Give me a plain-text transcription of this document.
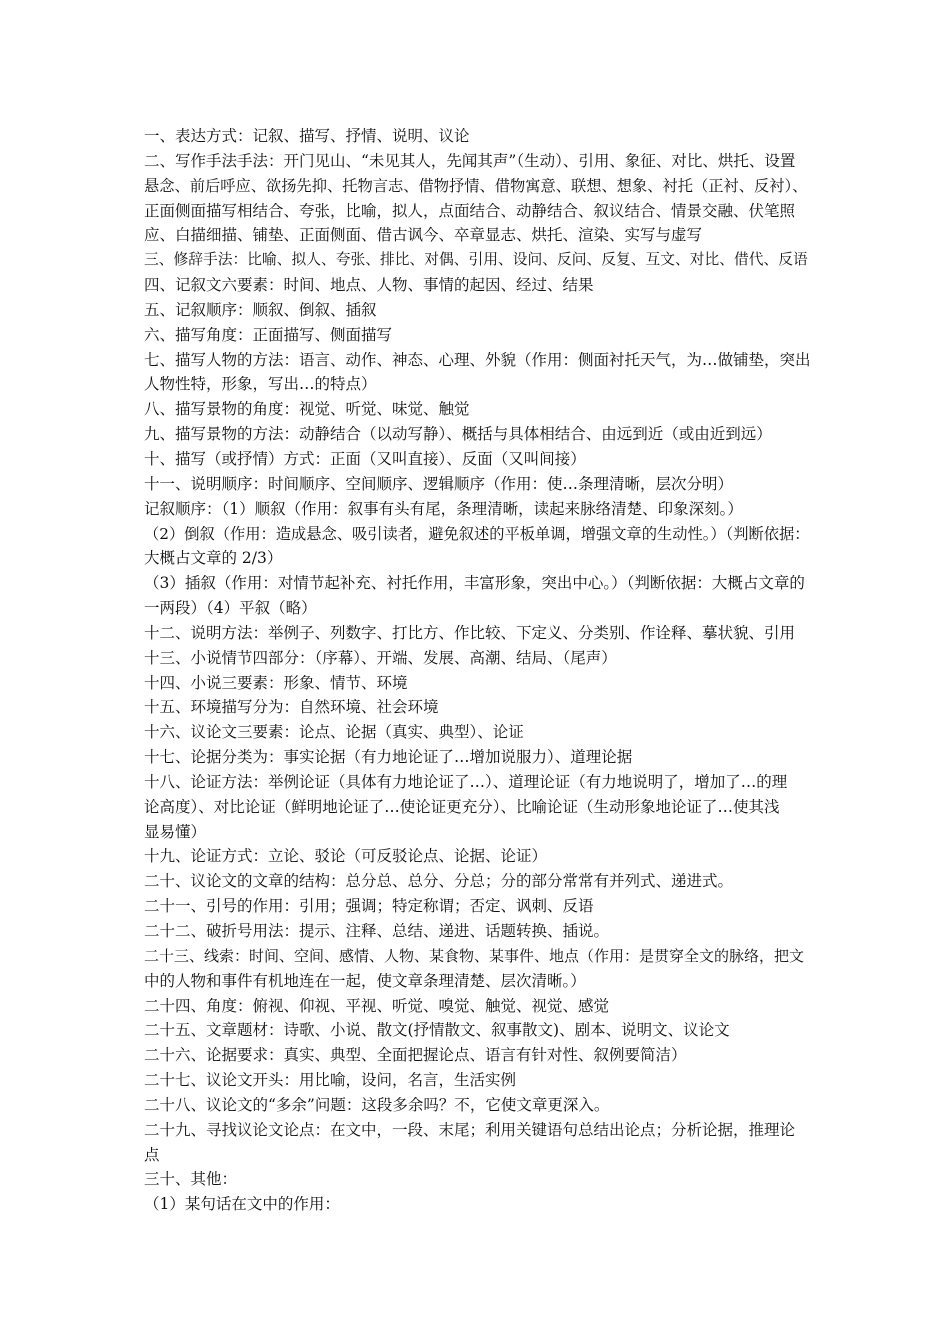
一、表达方式：记叙、描写、抒情、说明、议论
二、写作手法手法：开门见山、“未见其人，先闻其声”（生动）、引用、象征、对比、烘托、设置
悬念、前后呼应、欲扬先抑、托物言志、借物抒情、借物寓意、联想、想象、衬托（正衬、反衬）、
正面侧面描写相结合、夸张，比喻，拟人，点面结合、动静结合、叙议结合、情景交融、伏笔照
应、白描细描、铺垫、正面侧面、借古讽今、卒章显志、烘托、渲染、实写与虚写
三、修辞手法：比喻、拟人、夸张、排比、对偶、引用、设问、反问、反复、互文、对比、借代、反语
四、记叙文六要素：时间、地点、人物、事情的起因、经过、结果
五、记叙顺序：顺叙、倒叙、插叙
六、描写角度：正面描写、侧面描写
七、描写人物的方法：语言、动作、神态、心理、外貌（作用：侧面衬托天气，为…做铺垫，突出
人物性特，形象，写出…的特点）
八、描写景物的角度：视觉、听觉、味觉、触觉
九、描写景物的方法：动静结合（以动写静）、概括与具体相结合、由远到近（或由近到远）
十、描写（或抒情）方式：正面（又叫直接）、反面（又叫间接）
十一、说明顺序：时间顺序、空间顺序、逻辑顺序（作用：使…条理清晰，层次分明）
记叙顺序：（1）顺叙（作用：叙事有头有尾，条理清晰，读起来脉络清楚、印象深刻。）
（2）倒叙（作用：造成悬念、吸引读者，避免叙述的平板单调，增强文章的生动性。）（判断依据：
大概占文章的 2/3）
（3）插叙（作用：对情节起补充、衬托作用，丰富形象，突出中心。）（判断依据：大概占文章的
一两段）（4）平叙（略）
十二、说明方法：举例子、列数字、打比方、作比较、下定义、分类别、作诠释、摹状貌、引用
十三、小说情节四部分：（序幕）、开端、发展、高潮、结局、（尾声）
十四、小说三要素：形象、情节、环境
十五、环境描写分为：自然环境、社会环境
十六、议论文三要素：论点、论据（真实、典型）、论证
十七、论据分类为：事实论据（有力地论证了…增加说服力）、道理论据
十八、论证方法：举例论证（具体有力地论证了…）、道理论证（有力地说明了，增加了…的理
论高度）、对比论证（鲜明地论证了…使论证更充分）、比喻论证（生动形象地论证了…使其浅
显易懂）
十九、论证方式：立论、驳论（可反驳论点、论据、论证）
二十、议论文的文章的结构：总分总、总分、分总；分的部分常常有并列式、递进式。
二十一、引号的作用：引用；强调；特定称谓；否定、讽刺、反语
二十二、破折号用法：提示、注释、总结、递进、话题转换、插说。
二十三、线索：时间、空间、感情、人物、某食物、某事件、地点（作用：是贯穿全文的脉络，把文
中的人物和事件有机地连在一起，使文章条理清楚、层次清晰。）
二十四、角度：俯视、仰视、平视、听觉、嗅觉、触觉、视觉、感觉
二十五、文章题材：诗歌、小说、散文(抒情散文、叙事散文)、剧本、说明文、议论文
二十六、论据要求：真实、典型、全面把握论点、语言有针对性、叙例要简洁）
二十七、议论文开头：用比喻，设问，名言，生活实例
二十八、议论文的“多余”问题：这段多余吗？不，它使文章更深入。
二十九、寻找议论文论点：在文中，一段、末尾；利用关键语句总结出论点；分析论据，推理论
点
三十、其他：
（1）某句话在文中的作用：
